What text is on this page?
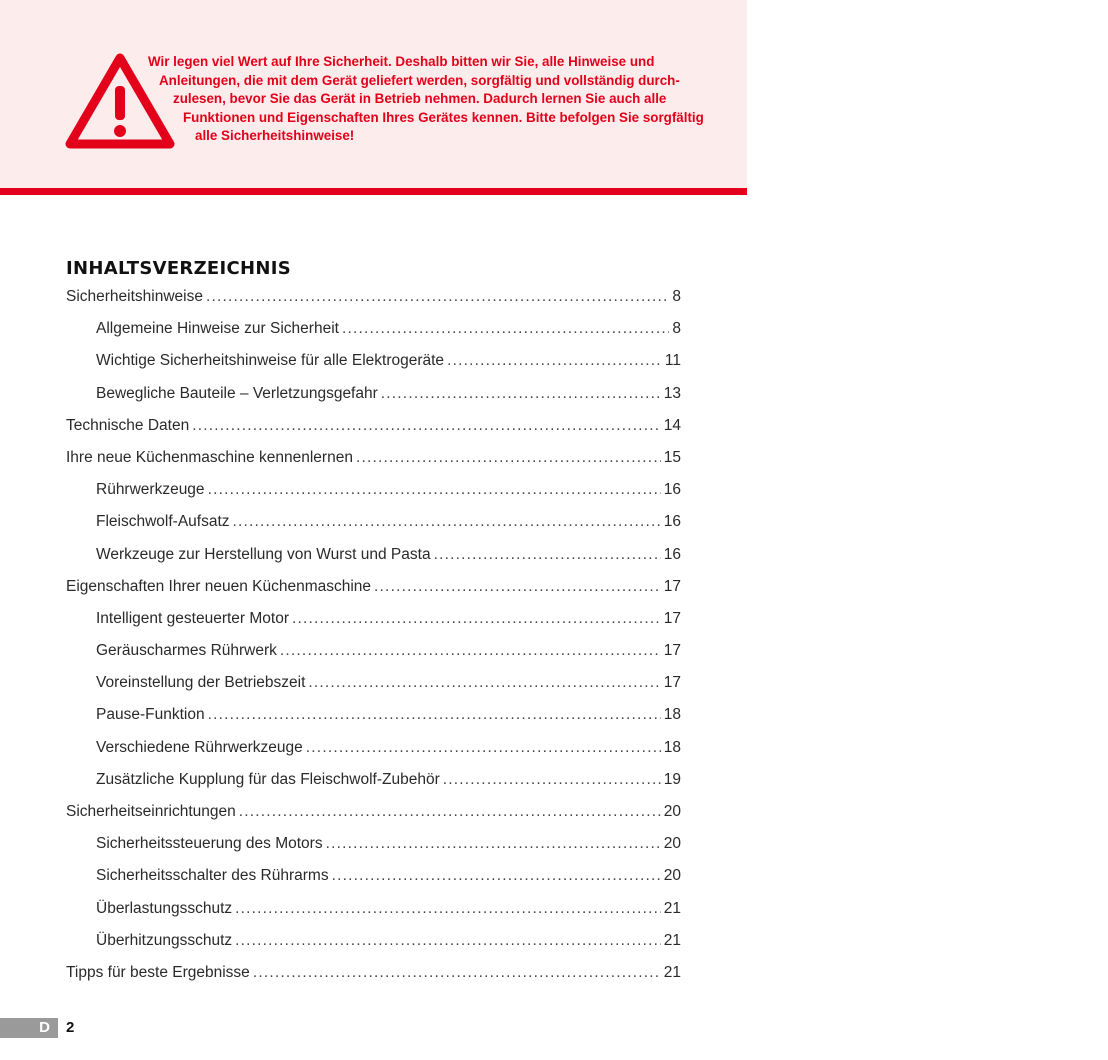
Wir legen viel Wert auf Ihre Sicherheit. Deshalb bitten wir Sie, alle Hinweise und
Anleitungen, die mit dem Gerät geliefert werden, sorgfältig und vollständig durch-
zulesen, bevor Sie das Gerät in Betrieb nehmen. Dadurch lernen Sie auch alle
Funktionen und Eigenschaften Ihres Gerätes kennen. Bitte befolgen Sie sorgfältig
alle Sicherheitshinweise!
INHALTSVERZEICHNIS
Sicherheitshinweise .....	8
Allgemeine Hinweise zur Sicherheit .....	8
Wichtige Sicherheitshinweise für alle Elektrogeräte .....	11
Bewegliche Bauteile – Verletzungsgefahr .....	13
Technische Daten .....	14
Ihre neue Küchenmaschine kennenlernen .....	15
Rührwerkzeuge .....	16
Fleischwolf-Aufsatz .....	16
Werkzeuge zur Herstellung von Wurst und Pasta .....	16
Eigenschaften Ihrer neuen Küchenmaschine .....	17
Intelligent gesteuerter Motor .....	17
Geräuscharmes Rührwerk .....	17
Voreinstellung der Betriebszeit .....	17
Pause-Funktion .....	18
Verschiedene Rührwerkzeuge .....	18
Zusätzliche Kupplung für das Fleischwolf-Zubehör .....	19
Sicherheitseinrichtungen .....	20
Sicherheitssteuerung des Motors .....	20
Sicherheitsschalter des Rührarms .....	20
Überlastungsschutz .....	21
Überhitzungsschutz .....	21
Tipps für beste Ergebnisse .....	21
D	2
